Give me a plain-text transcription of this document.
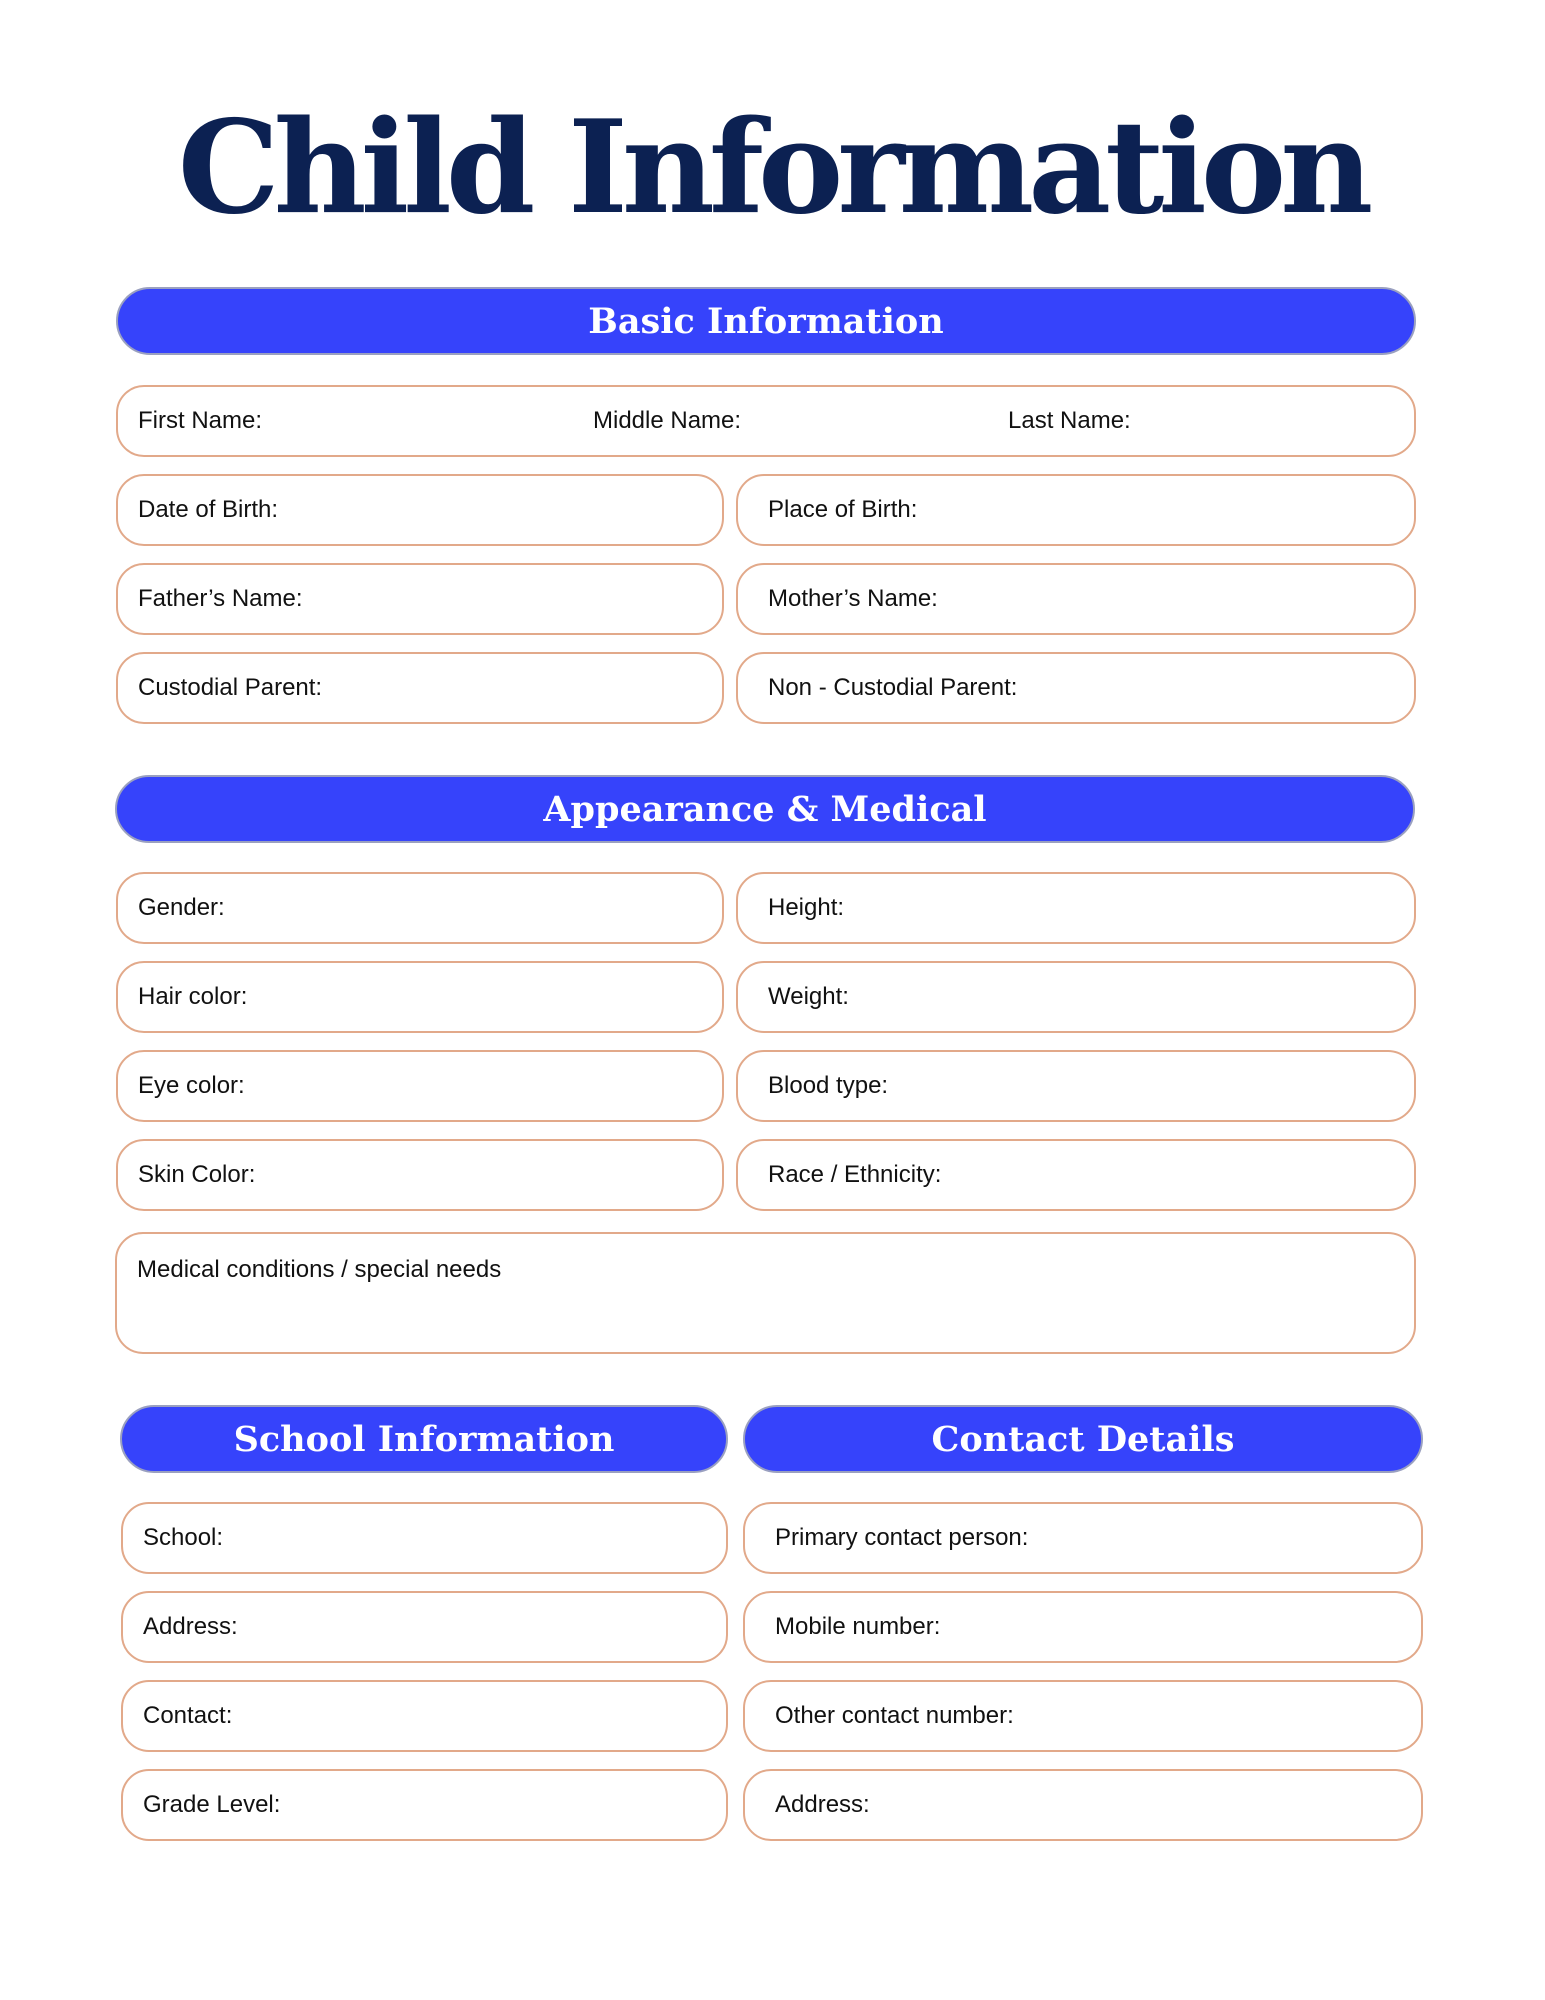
Child Information
Basic Information
First Name:	Middle Name:	Last Name:
Date of Birth:	Place of Birth:
Father’s Name:	Mother’s Name:
Custodial Parent:	Non - Custodial Parent:
Appearance & Medical
Gender:	Height:
Hair color:	Weight:
Eye color:	Blood type:
Skin Color:	Race / Ethnicity:
Medical conditions / special needs
School Information
School:
Address:
Contact:
Grade Level:
Contact Details
Primary contact person:
Mobile number:
Other contact number:
Address:
